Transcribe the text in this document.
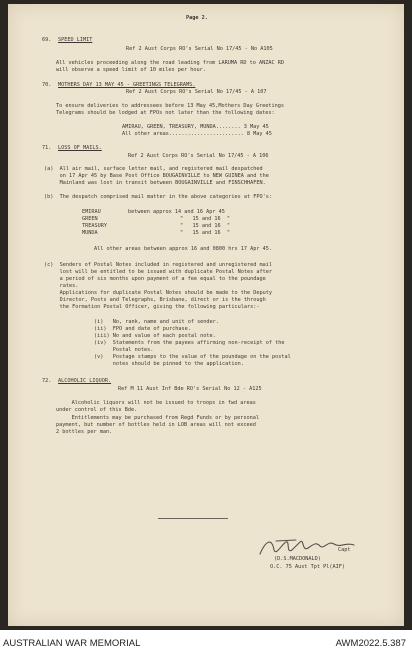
Page 2.
69. SPEED LIMIT
Ref 2 Aust Corps RO's Serial No 17/45 - No A105
All vehicles proceeding along the road leading from LARUMA RD to ANZAC RD
will observe a speed limit of 10 miles per hour.
70. MOTHERS DAY 13 MAY 45 - GREETINGS TELEGRAMS.
Ref 2 Aust Corps RO's Serial No 17/45 - A 107
To ensure deliveries to addressees before 13 May 45,Mothers Day Greetings
Telegrams should be lodged at FPOs not later than the following dates:
AMIRAU, GREEN, TREASURY, MUNDA........ 3 May 45
All other areas........................ 8 May 45
71. LOSS OF MAILS.
Ref 2 Aust Corps RO's Serial No 17/45 - A 106
(a)  All air mail, surface letter mail, and registered mail despatched
on 17 Apr 45 by Base Post Office BOUGAINVILLE to NEW GUINEA and the
Mainland was lost in transit between BOUGAINVILLE and FINSCHHAFEN.
(b)  The despatch comprised mail matter in the above categories at FPO's:
EMIRAU	between approx 14 and 16 Apr 45
GREEN	"   15 and 16  "
TREASURY	"   15 and 16  "
MUNDA	"   15 and 16  "
All other areas between approx 16 and 0800 hrs 17 Apr 45.
(c)  Senders of Postal Notes included in registered and unregistered mail
lost will be entitled to be issued with duplicate Postal Notes after
a period of six months upon payment of a fee equal to the poundage
rates.
Applications for duplicate Postal Notes should be made to the Deputy
Director, Posts and Telegraphs, Brisbane, direct or is the through
the Formation Postal Officer, giving the following particulars:-
(i)   No, rank, name and unit of sender.
(ii)  FPO and date of purchase.
(iii) No and value of each postal note.
(iv)  Statements from the payees affirming non-receipt of the
Postal notes.
(v)   Postage stamps to the value of the poundage on the postal
notes should be pinned to the application.
72. ALCOHOLIC LIQUOR.
Ref M 11 Aust Inf Bde RO's Serial No 12 - A125
Alcoholic liquors will not be issued to troops in fwd areas
under control of this Bde.
Entitlements may be purchased from Regd Funds or by personal
payment, but number of bottles held in LOB areas will not exceed
2 bottles per man.
Capt
(D.S.MACDONALD)
O.C. 75 Aust Tpt Pl(AIF)
AUSTRALIAN WAR MEMORIAL	AWM2022.5.387
